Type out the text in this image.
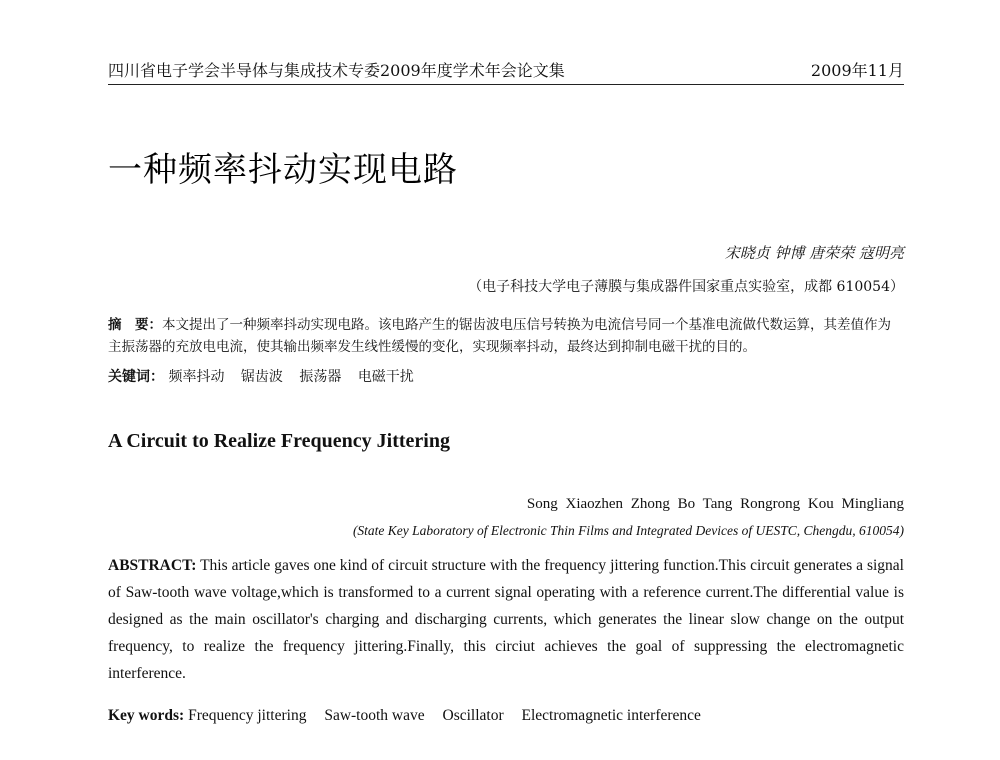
四川省电子学会半导体与集成技术专委2009年度学术年会论文集	2009年11月
一种频率抖动实现电路
宋晓贞 钟博 唐荣荣 寇明亮
（电子科技大学电子薄膜与集成器件国家重点实验室，成都 610054）
摘　要：本文提出了一种频率抖动实现电路。该电路产生的锯齿波电压信号转换为电流信号同一个基准电流做代数运算，其差值作为主振荡器的充放电电流，使其输出频率发生线性缓慢的变化，实现频率抖动，最终达到抑制电磁干扰的目的。
关键词： 频率抖动 锯齿波 振荡器 电磁干扰
A Circuit to Realize Frequency Jittering
Song Xiaozhen Zhong Bo Tang Rongrong Kou Mingliang
(State Key Laboratory of Electronic Thin Films and Integrated Devices of UESTC, Chengdu, 610054)
ABSTRACT: This article gaves one kind of circuit structure with the frequency jittering function.This circuit generates a signal of Saw-tooth wave voltage,which is transformed to a current signal operating with a reference current.The differential value is designed as the main oscillator's charging and discharging currents, which generates the linear slow change on the output frequency, to realize the frequency jittering.Finally, this circiut achieves the goal of suppressing the electromagnetic interference.
Key words: Frequency jittering Saw-tooth wave Oscillator Electromagnetic interference
